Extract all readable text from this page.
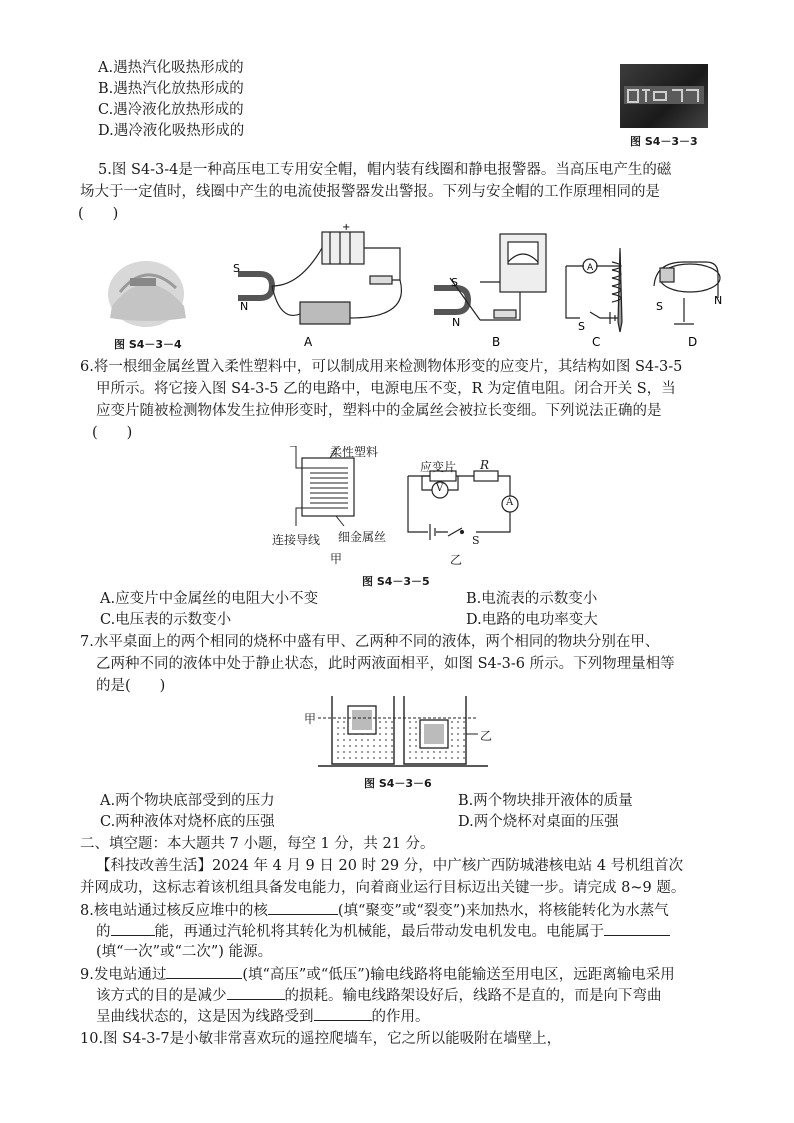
A.遇热汽化吸热形成的
B.遇热汽化放热形成的
C.遇冷液化放热形成的
D.遇冷液化吸热形成的
图 S4－3－3
5.图 S4-3-4是一种高压电工专用安全帽，帽内装有线圈和静电报警器。当高压电产生的磁
场大于一定值时，线圈中产生的电流使报警器发出警报。下列与安全帽的工作原理相同的是
(　　)
S
N
+
A
S
N
B
A
S
C
S	N
D
图 S4－3－4
6.将一根细金属丝置入柔性塑料中，可以制成用来检测物体形变的应变片，其结构如图 S4-3-5
甲所示。将它接入图 S4-3-5 乙的电路中，电源电压不变，R 为定值电阻。闭合开关 S，当
应变片随被检测物体发生拉伸形变时，塑料中的金属丝会被拉长变细。下列说法正确的是
(　　)
柔性塑料
连接导线 细金属丝
甲
应变片 R
V
A
S
乙
图 S4－3－5
A.应变片中金属丝的电阻大小不变	B.电流表的示数变小
C.电压表的示数变小	D.电路的电功率变大
7.水平桌面上的两个相同的烧杯中盛有甲、乙两种不同的液体，两个相同的物块分别在甲、
乙两种不同的液体中处于静止状态，此时两液面相平，如图 S4-3-6 所示。下列物理量相等
的是(　　)
甲
乙
图 S4－3－6
A.两个物块底部受到的压力	B.两个物块排开液体的质量
C.两种液体对烧杯底的压强	D.两个烧杯对桌面的压强
二、填空题：本大题共 7 小题，每空 1 分，共 21 分。
【科技改善生活】2024 年 4 月 9 日 20 时 29 分，中广核广西防城港核电站 4 号机组首次
并网成功，这标志着该机组具备发电能力，向着商业运行目标迈出关键一步。请完成 8~9 题。
8.核电站通过核反应堆中的核	(填“聚变”或“裂变”)来加热水，将核能转化为水蒸气
的	能，再通过汽轮机将其转化为机械能，最后带动发电机发电。电能属于
(填“一次”或“二次”) 能源。
9.发电站通过	(填“高压”或“低压”)输电线路将电能输送至用电区，远距离输电采用
该方式的目的是减少	的损耗。输电线路架设好后，线路不是直的，而是向下弯曲
呈曲线状态的，这是因为线路受到	的作用。
10.图 S4-3-7是小敏非常喜欢玩的遥控爬墙车，它之所以能吸附在墙壁上，
